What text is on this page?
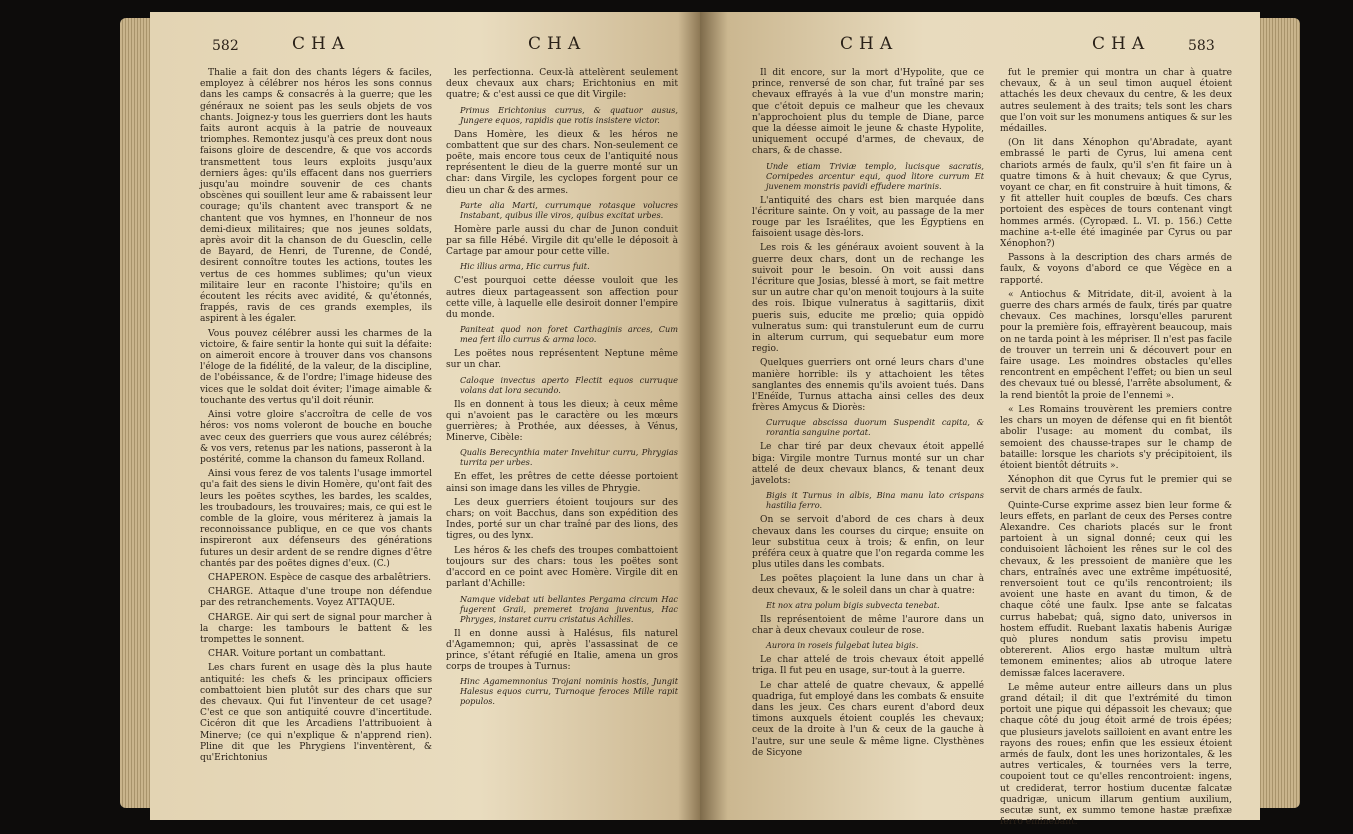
582	CHA	CHA

Thalie a fait don des chants légers & faciles, employez à célébrer nos héros les sons connus dans les camps & consacrés à la guerre; que les généraux ne soient pas les seuls objets de vos chants. Joignez-y tous les guerriers dont les hauts faits auront acquis à la patrie de nouveaux triomphes. Remontez jusqu'à ces preux dont nous faisons gloire de descendre, & que vos accords transmettent tous leurs exploits jusqu'aux derniers âges: qu'ils effacent dans nos guerriers jusqu'au moindre souvenir de ces chants obscènes qui souillent leur ame & rabaissent leur courage; qu'ils chantent avec transport & ne chantent que vos hymnes, en l'honneur de nos demi-dieux militaires; que nos jeunes soldats, après avoir dit la chanson de du Guesclin, celle de Bayard, de Henri, de Turenne, de Condé, desirent connoître toutes les actions, toutes les vertus de ces hommes sublimes; qu'un vieux militaire leur en raconte l'histoire; qu'ils en écoutent les récits avec avidité, & qu'étonnés, frappés, ravis de ces grands exemples, ils aspirent à les égaler.

Vous pouvez célébrer aussi les charmes de la victoire, & faire sentir la honte qui suit la défaite: on aimeroit encore à trouver dans vos chansons l'éloge de la fidélité, de la valeur, de la discipline, de l'obéissance, & de l'ordre; l'image hideuse des vices que le soldat doit éviter; l'image aimable & touchante des vertus qu'il doit réunir.

Ainsi votre gloire s'accroîtra de celle de vos héros: vos noms voleront de bouche en bouche avec ceux des guerriers que vous aurez célébrés; & vos vers, retenus par les nations, passeront à la postérité, comme la chanson du fameux Rolland.

Ainsi vous ferez de vos talents l'usage immortel qu'a fait des siens le divin Homère, qu'ont fait des leurs les poëtes scythes, les bardes, les scaldes, les troubadours, les trouvaires; mais, ce qui est le comble de la gloire, vous mériterez à jamais la reconnoissance publique, en ce que vos chants inspireront aux défenseurs des générations futures un desir ardent de se rendre dignes d'être chantés par des poëtes dignes d'eux. (C.)

CHAPERON. Espèce de casque des arbalêtriers.

CHARGE. Attaque d'une troupe non défendue par des retranchements. Voyez ATTAQUE.

CHARGE. Air qui sert de signal pour marcher à la charge: les tambours le battent & les trompettes le sonnent.

CHAR. Voiture portant un combattant.

Les chars furent en usage dès la plus haute antiquité: les chefs & les principaux officiers combattoient bien plutôt sur des chars que sur des chevaux. Qui fut l'inventeur de cet usage? C'est ce que son antiquité couvre d'incertitude. Cicéron dit que les Arcadiens l'attribuoient à Minerve; (ce qui n'explique & n'apprend rien). Pline dit que les Phrygiens l'inventèrent, & qu'Erichtonius

les perfectionna. Ceux-là attelèrent seulement deux chevaux aux chars; Erichtonius en mit quatre; & c'est aussi ce que dit Virgile:

Primus Erichtonius currus, & quatuor ausus, Jungere equos, rapidis que rotis insistere victor.

Dans Homère, les dieux & les héros ne combattent que sur des chars. Non-seulement ce poëte, mais encore tous ceux de l'antiquité nous représentent le dieu de la guerre monté sur un char: dans Virgile, les cyclopes forgent pour ce dieu un char & des armes.

Parte alia Marti, currumque rotasque volucres Instabant, quibus ille viros, quibus excitat urbes.

Homère parle aussi du char de Junon conduit par sa fille Hébé. Virgile dit qu'elle le déposoit à Cartage par amour pour cette ville.

Hic illius arma, Hic currus fuit.

C'est pourquoi cette déesse vouloit que les autres dieux partageassent son affection pour cette ville, à laquelle elle desiroit donner l'empire du monde.

Paniteat quod non foret Carthaginis arces, Cum mea fert illo currus & arma loco.

Les poëtes nous représentent Neptune même sur un char.

Caloque invectus aperto Flectit equos curruque volans dat lora secundo.

Ils en donnent à tous les dieux; à ceux même qui n'avoient pas le caractère ou les mœurs guerrières; à Prothée, aux déesses, à Vénus, Minerve, Cibèle:

Qualis Berecynthia mater Invehitur curru, Phrygias turrita per urbes.

En effet, les prêtres de cette déesse portoient ainsi son image dans les villes de Phrygie.

Les deux guerriers étoient toujours sur des chars; on voit Bacchus, dans son expédition des Indes, porté sur un char traîné par des lions, des tigres, ou des lynx.

Les héros & les chefs des troupes combattoient toujours sur des chars: tous les poëtes sont d'accord en ce point avec Homère. Virgile dit en parlant d'Achille:

Namque videbat uti bellantes Pergama circum Hac fugerent Graii, premeret trojana juventus, Hac Phryges, instaret curru cristatus Achilles.

Il en donne aussi à Halésus, fils naturel d'Agamemnon; qui, après l'assassinat de ce prince, s'étant réfugié en Italie, amena un gros corps de troupes à Turnus:

Hinc Agamemnonius Trojani nominis hostis, Jungit Halesus equos curru, Turnoque feroces Mille rapit populos.

CHA	CHA	583

Il dit encore, sur la mort d'Hypolite, que ce prince, renversé de son char, fut traîné par ses chevaux effrayés à la vue d'un monstre marin; que c'étoit depuis ce malheur que les chevaux n'approchoient plus du temple de Diane, parce que la déesse aimoit le jeune & chaste Hypolite, uniquement occupé d'armes, de chevaux, de chars, & de chasse.

Unde etiam Triviæ templo, lucisque sacratis, Cornipedes arcentur equi, quod litore currum Et juvenem monstris pavidi effudere marinis.

L'antiquité des chars est bien marquée dans l'écriture sainte. On y voit, au passage de la mer rouge par les Israélites, que les Égyptiens en faisoient usage dès-lors.

Les rois & les généraux avoient souvent à la guerre deux chars, dont un de rechange les suivoit pour le besoin. On voit aussi dans l'écriture que Josias, blessé à mort, se fait mettre sur un autre char qu'on menoit toujours à la suite des rois. Ibique vulneratus à sagittariis, dixit pueris suis, educite me prœlio; quia oppidò vulneratus sum: qui transtulerunt eum de curru in alterum currum, qui sequebatur eum more regio.

Quelques guerriers ont orné leurs chars d'une manière horrible: ils y attachoient les têtes sanglantes des ennemis qu'ils avoient tués. Dans l'Enéïde, Turnus attacha ainsi celles des deux frères Amycus & Diorès:

Curruque abscissa duorum Suspendit capita, & rorantia sanguine portat.

Le char tiré par deux chevaux étoit appellé biga: Virgile montre Turnus monté sur un char attelé de deux chevaux blancs, & tenant deux javelots:

Bigis it Turnus in albis, Bina manu lato crispans hastilia ferro.

On se servoit d'abord de ces chars à deux chevaux dans les courses du cirque; ensuite on leur substitua ceux à trois; & enfin, on leur préféra ceux à quatre que l'on regarda comme les plus utiles dans les combats.

Les poëtes plaçoient la lune dans un char à deux chevaux, & le soleil dans un char à quatre:

Et nox atra polum bigis subvecta tenebat.

Ils représentoient de même l'aurore dans un char à deux chevaux couleur de rose.

Aurora in roseis fulgebat lutea bigis.

Le char attelé de trois chevaux étoit appellé triga. Il fut peu en usage, sur-tout à la guerre.

Le char attelé de quatre chevaux, & appellé quadriga, fut employé dans les combats & ensuite dans les jeux. Ces chars eurent d'abord deux timons auxquels étoient couplés les chevaux; ceux de la droite à l'un & ceux de la gauche à l'autre, sur une seule & même ligne. Clysthènes de Sicyone

fut le premier qui montra un char à quatre chevaux, & à un seul timon auquel étoient attachés les deux chevaux du centre, & les deux autres seulement à des traits; tels sont les chars que l'on voit sur les monumens antiques & sur les médailles.

(On lit dans Xénophon qu'Abradate, ayant embrassé le parti de Cyrus, lui amena cent chariots armés de faulx, qu'il s'en fit faire un à quatre timons & à huit chevaux; & que Cyrus, voyant ce char, en fit construire à huit timons, & y fit atteller huit couples de bœufs. Ces chars portoient des espèces de tours contenant vingt hommes armés. (Cyropæd. L. VI. p. 156.) Cette machine a-t-elle été imaginée par Cyrus ou par Xénophon?)

Passons à la description des chars armés de faulx, & voyons d'abord ce que Végèce en a rapporté.

« Antiochus & Mitridate, dit-il, avoient à la guerre des chars armés de faulx, tirés par quatre chevaux. Ces machines, lorsqu'elles parurent pour la première fois, effrayèrent beaucoup, mais on ne tarda point à les mépriser. Il n'est pas facile de trouver un terrein uni & découvert pour en faire usage. Les moindres obstacles qu'elles rencontrent en empêchent l'effet; ou bien un seul des chevaux tué ou blessé, l'arrête absolument, & la rend bientôt la proie de l'ennemi ».

« Les Romains trouvèrent les premiers contre les chars un moyen de défense qui en fit bientôt abolir l'usage: au moment du combat, ils semoient des chausse-trapes sur le champ de bataille: lorsque les chariots s'y précipitoient, ils étoient bientôt détruits ».

Xénophon dit que Cyrus fut le premier qui se servit de chars armés de faulx.

Quinte-Curse exprime assez bien leur forme & leurs effets, en parlant de ceux des Perses contre Alexandre. Ces chariots placés sur le front partoient à un signal donné; ceux qui les conduisoient lâchoient les rênes sur le col des chevaux, & les pressoient de manière que les chars, entraînés avec une extrême impétuosité, renversoient tout ce qu'ils rencontroient; ils avoient une haste en avant du timon, & de chaque côté une faulx. Ipse ante se falcatas currus habebat; quâ, signo dato, universos in hostem effudit. Ruebant laxatis habenis Aurigæ quò plures nondum satis provisu impetu obtererent. Alios ergo hastæ multum ultrà temonem eminentes; alios ab utroque latere demissæ falces laceravere.

Le même auteur entre ailleurs dans un plus grand détail; il dit que l'extrémité du timon portoit une pique qui dépassoit les chevaux; que chaque côté du joug étoit armé de trois épées; que plusieurs javelots sailloient en avant entre les rayons des roues; enfin que les essieux étoient armés de faulx, dont les unes horizontales, & les autres verticales, & tournées vers la terre, coupoient tout ce qu'elles rencontroient: ingens, ut crediderat, terror hostium ducentæ falcatæ quadrigæ, unicum illarum gentium auxilium, secutæ sunt, ex summo temone hastæ præfixæ ferro eminebant.
